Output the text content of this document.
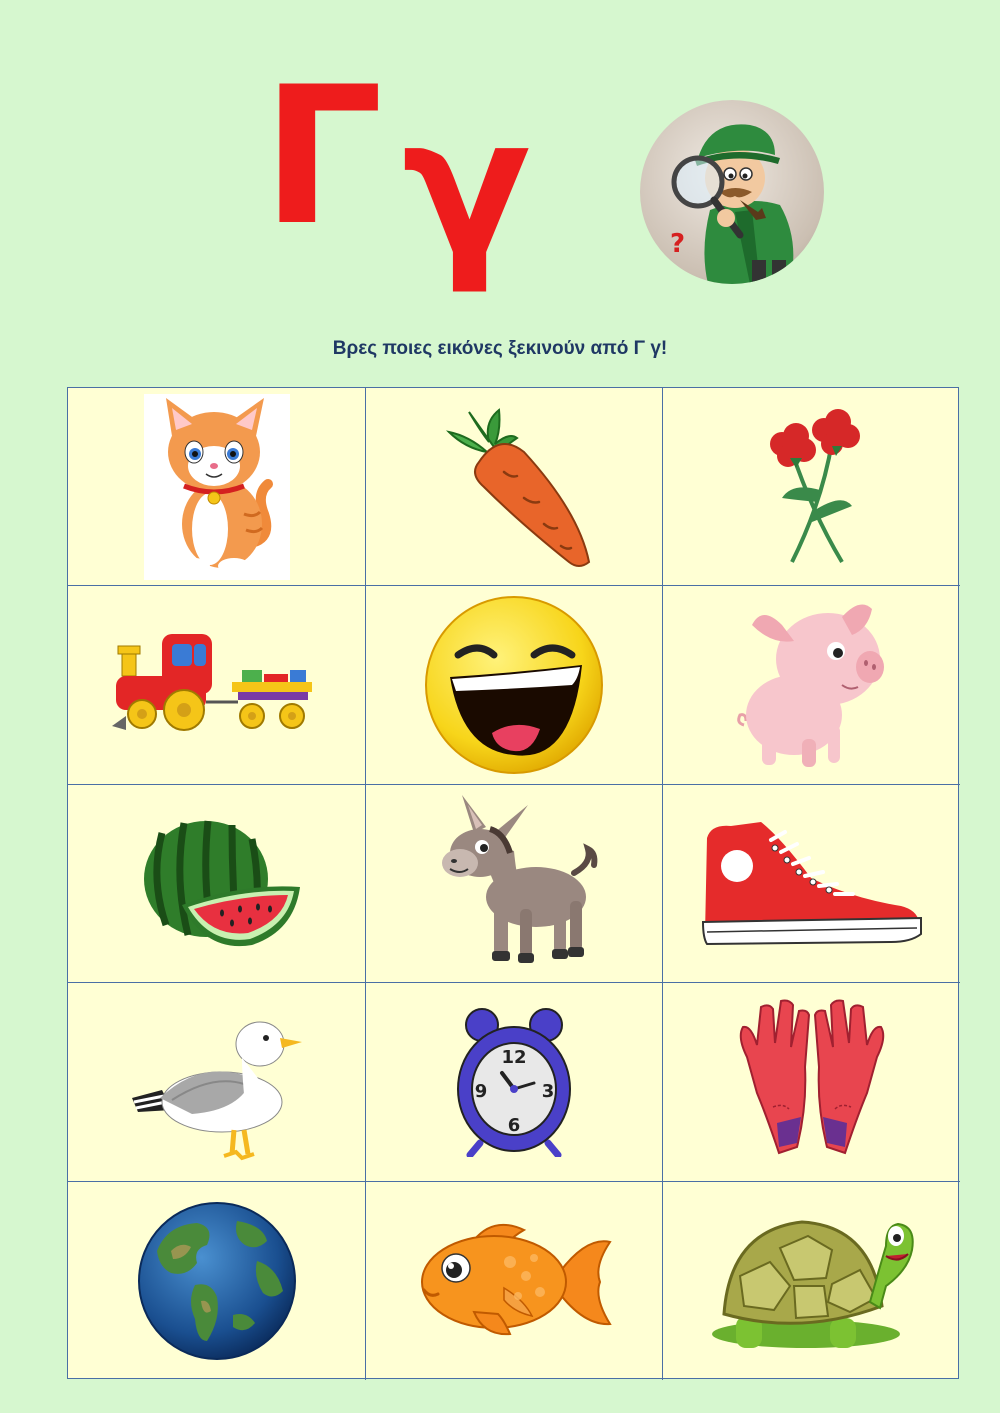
Γ γ	?
Βρες ποιες εικόνες ξεκινούν από Γ γ!
12
3
6
9
